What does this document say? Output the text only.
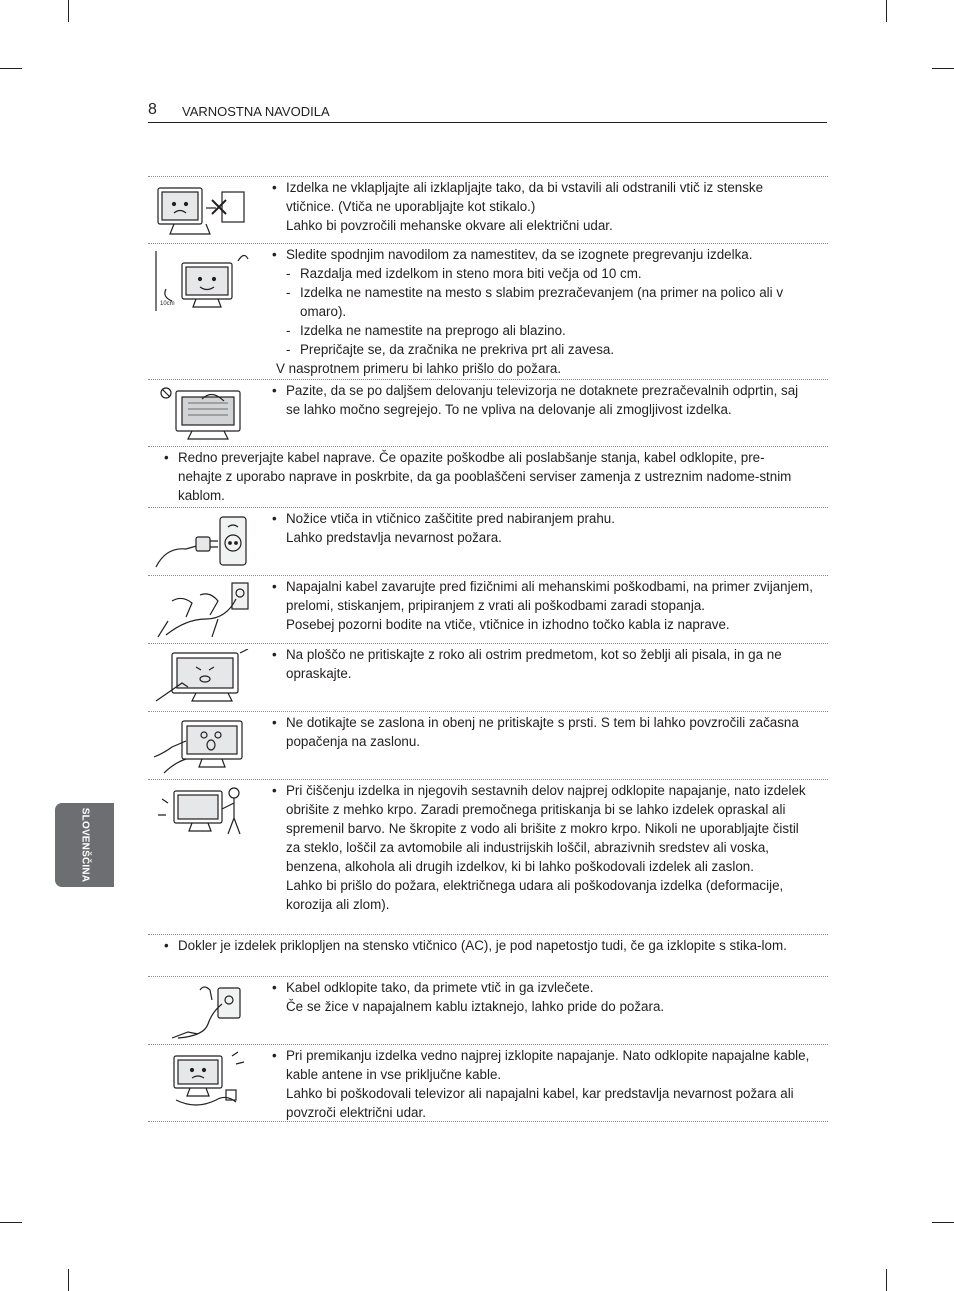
8 VARNOSTNA NAVODILA
SLOVENŠČINA
• Izdelka ne vklapljajte ali izklapljajte tako, da bi vstavili ali odstranili vtič iz stenske vtičnice. (Vtiča ne uporabljajte kot stikalo.)
Lahko bi povzročili mehanske okvare ali električni udar.
10cm
• Sledite spodnjim navodilom za namestitev, da se izognete pregrevanju izdelka.
- Razdalja med izdelkom in steno mora biti večja od 10 cm.
- Izdelka ne namestite na mesto s slabim prezračevanjem (na primer na polico ali v omaro).
- Izdelka ne namestite na preprogo ali blazino.
- Prepričajte se, da zračnika ne prekriva prt ali zavesa.
V nasprotnem primeru bi lahko prišlo do požara.
• Pazite, da se po daljšem delovanju televizorja ne dotaknete prezračevalnih odprtin, saj se lahko močno segrejejo. To ne vpliva na delovanje ali zmogljivost izdelka.
• Redno preverjajte kabel naprave. Če opazite poškodbe ali poslabšanje stanja, kabel odklopite, pre-nehajte z uporabo naprave in poskrbite, da ga pooblaščeni serviser zamenja z ustreznim nadome-stnim kablom.
• Nožice vtiča in vtičnico zaščitite pred nabiranjem prahu.
Lahko predstavlja nevarnost požara.
• Napajalni kabel zavarujte pred fizičnimi ali mehanskimi poškodbami, na primer zvijanjem, prelomi, stiskanjem, pripiranjem z vrati ali poškodbami zaradi stopanja.
Posebej pozorni bodite na vtiče, vtičnice in izhodno točko kabla iz naprave.
• Na ploščo ne pritiskajte z roko ali ostrim predmetom, kot so žeblji ali pisala, in ga ne opraskajte.
• Ne dotikajte se zaslona in obenj ne pritiskajte s prsti. S tem bi lahko povzročili začasna popačenja na zaslonu.
• Pri čiščenju izdelka in njegovih sestavnih delov najprej odklopite napajanje, nato izdelek obrišite z mehko krpo. Zaradi premočnega pritiskanja bi se lahko izdelek opraskal ali spremenil barvo. Ne škropite z vodo ali brišite z mokro krpo. Nikoli ne uporabljajte čistil za steklo, loščil za avtomobile ali industrijskih loščil, abrazivnih sredstev ali voska, benzena, alkohola ali drugih izdelkov, ki bi lahko poškodovali izdelek ali zaslon.
Lahko bi prišlo do požara, električnega udara ali poškodovanja izdelka (deformacije, korozija ali zlom).
• Dokler je izdelek priklopljen na stensko vtičnico (AC), je pod napetostjo tudi, če ga izklopite s stika-lom.
• Kabel odklopite tako, da primete vtič in ga izvlečete.
Če se žice v napajalnem kablu iztaknejo, lahko pride do požara.
• Pri premikanju izdelka vedno najprej izklopite napajanje. Nato odklopite napajalne kable, kable antene in vse priključne kable.
Lahko bi poškodovali televizor ali napajalni kabel, kar predstavlja nevarnost požara ali povzroči električni udar.
